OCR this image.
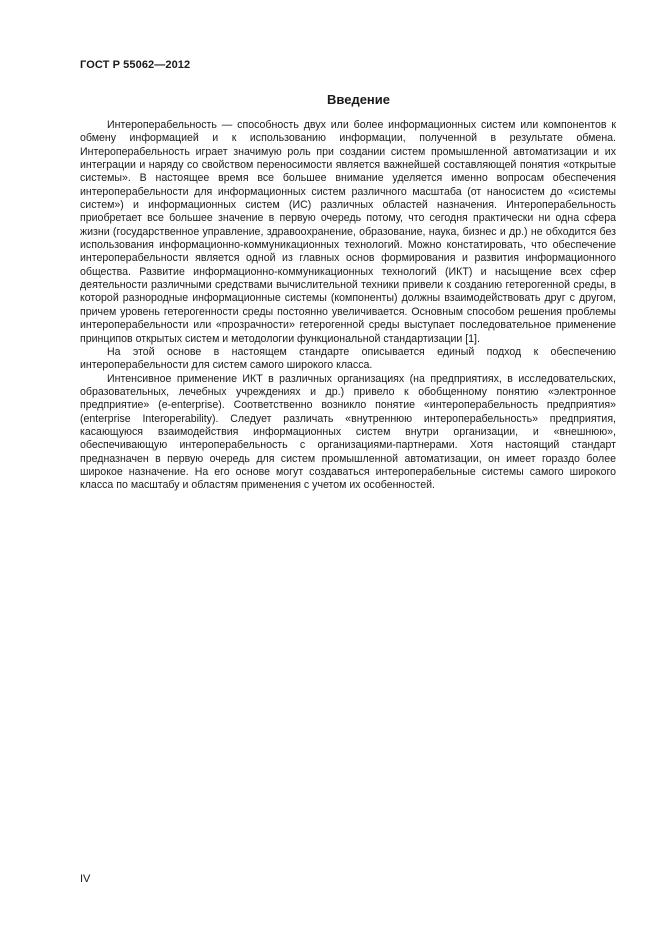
ГОСТ Р 55062—2012
Введение

Интероперабельность — способность двух или более информационных систем или компонентов к обмену информацией и к использованию информации, полученной в результате обмена. Интероперабельность играет значимую роль при создании систем промышленной автоматизации и их интеграции и наряду со свойством переносимости является важнейшей составляющей понятия «открытые системы». В настоящее время все большее внимание уделяется именно вопросам обеспечения интероперабельности для информационных систем различного масштаба (от наносистем до «системы систем») и информационных систем (ИС) различных областей назначения. Интероперабельность приобретает все большее значение в первую очередь потому, что сегодня практически ни одна сфера жизни (государственное управление, здравоохранение, образование, наука, бизнес и др.) не обходится без использования информационно-коммуникационных технологий. Можно констатировать, что обеспечение интероперабельности является одной из главных основ формирования и развития информационного общества. Развитие информационно-коммуникационных технологий (ИКТ) и насыщение всех сфер деятельности различными средствами вычислительной техники привели к созданию гетерогенной среды, в которой разнородные информационные системы (компоненты) должны взаимодействовать друг с другом, причем уровень гетерогенности среды постоянно увеличивается. Основным способом решения проблемы интероперабельности или «прозрачности» гетерогенной среды выступает последовательное применение принципов открытых систем и методологии функциональной стандартизации [1].

На этой основе в настоящем стандарте описывается единый подход к обеспечению интероперабельности для систем самого широкого класса.

Интенсивное применение ИКТ в различных организациях (на предприятиях, в исследовательских, образовательных, лечебных учреждениях и др.) привело к обобщенному понятию «электронное предприятие» (e-enterprise). Соответственно возникло понятие «интероперабельность предприятия» (enterprise Interoperability). Следует различать «внутреннюю интероперабельность» предприятия, касающуюся взаимодействия информационных систем внутри организации, и «внешнюю», обеспечивающую интероперабельность с организациями-партнерами. Хотя настоящий стандарт предназначен в первую очередь для систем промышленной автоматизации, он имеет гораздо более широкое назначение. На его основе могут создаваться интероперабельные системы самого широкого класса по масштабу и областям применения с учетом их особенностей.

IV
